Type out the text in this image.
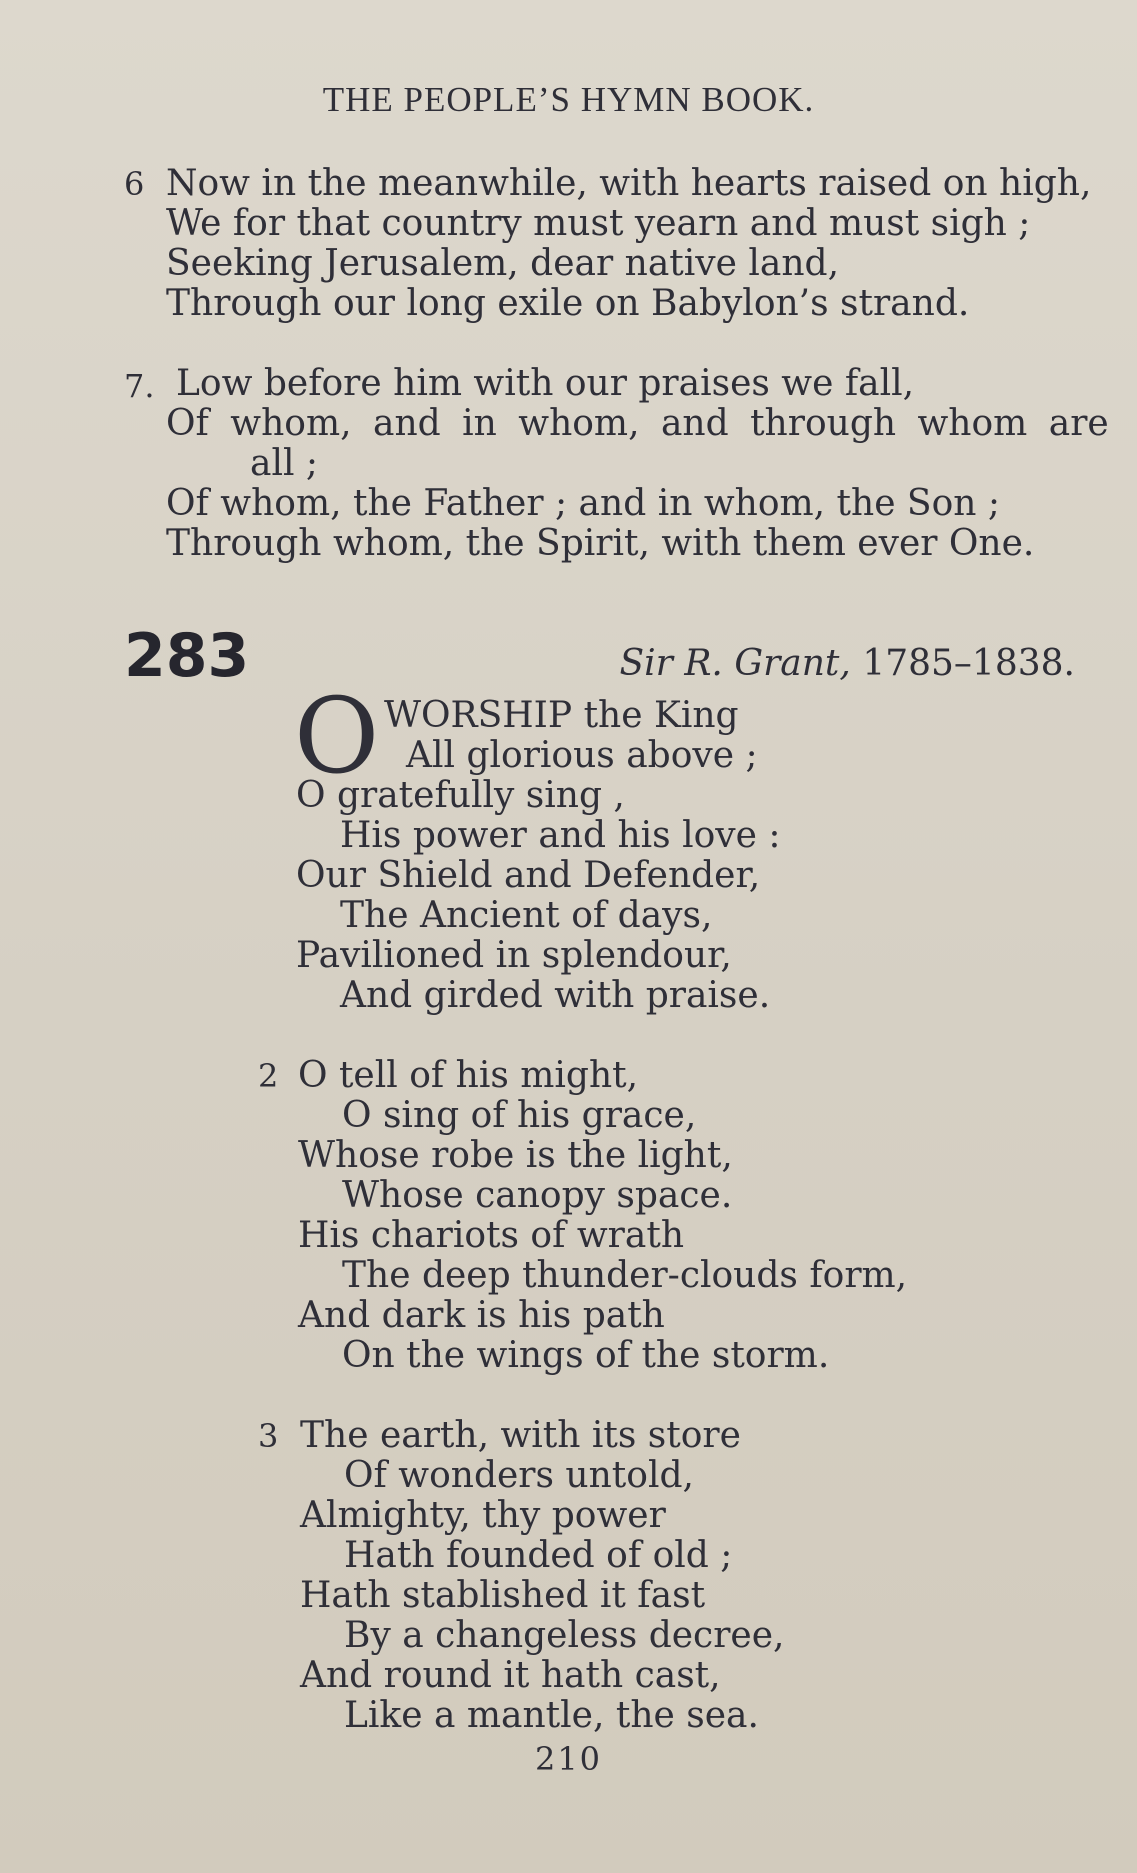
THE PEOPLE’S HYMN BOOK.
6 Now in the meanwhile, with hearts raised on high,
We for that country must yearn and must sigh ;
Seeking Jerusalem, dear native land,
Through our long exile on Babylon’s strand.
7. Low before him with our praises we fall,
Of whom, and in whom, and through whom are
all ;
Of whom, the Father ; and in whom, the Son ;
Through whom, the Spirit, with them ever One.
283	Sir R. Grant, 1785–1838.
O WORSHIP the King
All glorious above ;
O gratefully sing ,
His power and his love :
Our Shield and Defender,
The Ancient of days,
Pavilioned in splendour,
And girded with praise.
2 O tell of his might,
O sing of his grace,
Whose robe is the light,
Whose canopy space.
His chariots of wrath
The deep thunder-clouds form,
And dark is his path
On the wings of the storm.
3 The earth, with its store
Of wonders untold,
Almighty, thy power
Hath founded of old ;
Hath stablished it fast
By a changeless decree,
And round it hath cast,
Like a mantle, the sea.
210
